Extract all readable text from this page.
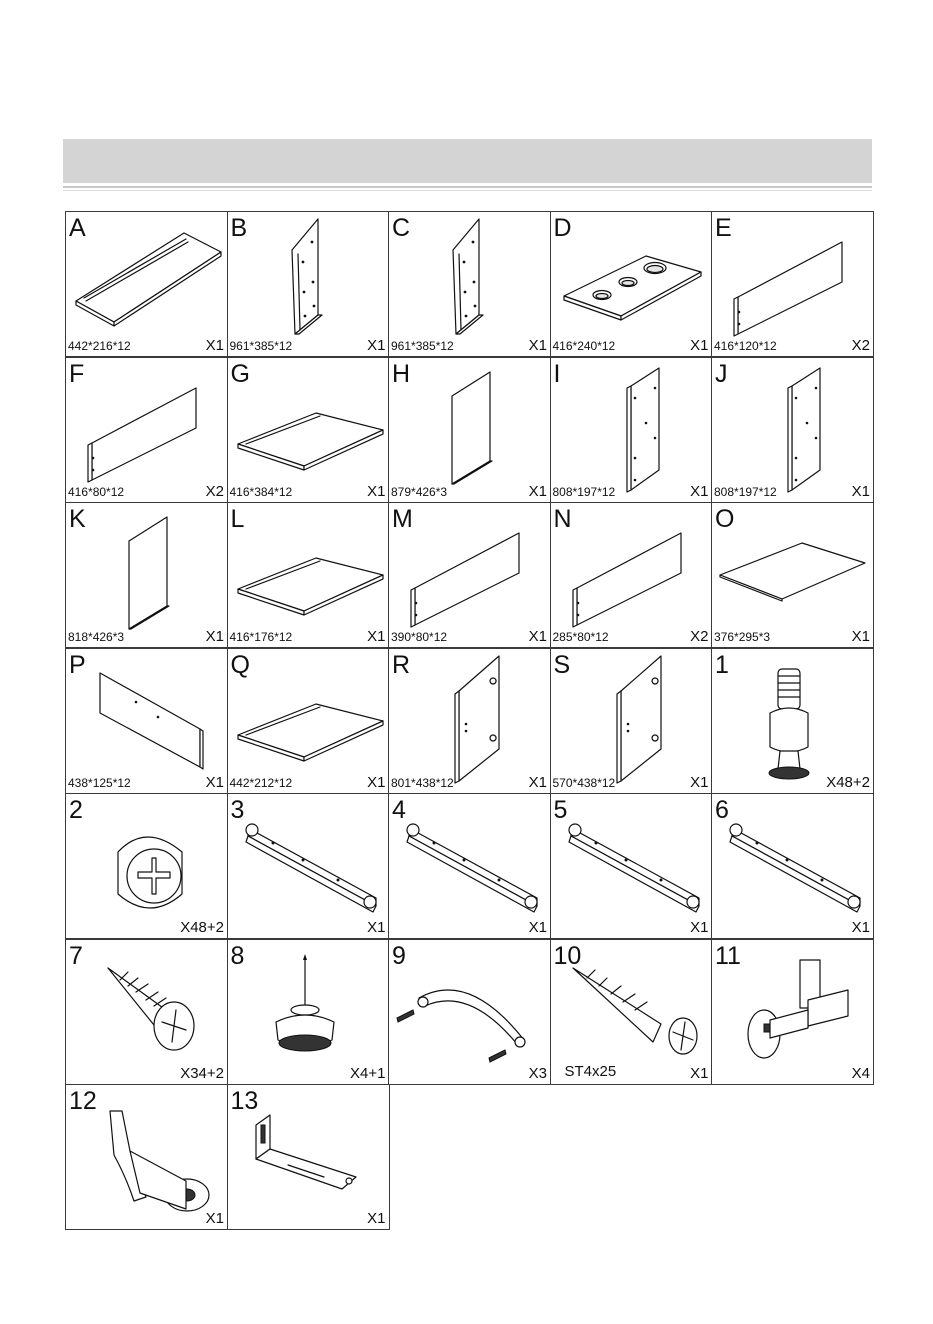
A
442*216*12	X1
B
961*385*12	X1
C
961*385*12	X1
D
416*240*12	X1
E
416*120*12	X2
F
416*80*12	X2
G
416*384*12	X1
H
879*426*3	X1
I
808*197*12	X1
J
808*197*12	X1
K
818*426*3	X1
L
416*176*12	X1
M
390*80*12	X1
N
285*80*12	X2
O
376*295*3	X1
P
438*125*12	X1
Q
442*212*12	X1
R
801*438*12	X1
S
570*438*12	X1
1
X48+2
2
X48+2
3
X1
4
X1
5
X1
6
X1
7
X34+2
8
X4+1
9
X3
10
ST4x25	X1
11
X4
12
X1
13
X1
